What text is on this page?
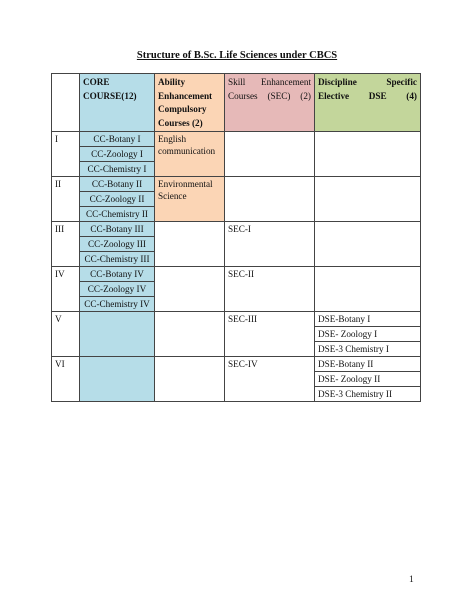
Structure of B.Sc. Life Sciences under CBCS
	CORE COURSE(12)	Ability Enhancement Compulsory Courses (2)	Skill Enhancement Courses (SEC) (2)	Discipline Specific Elective DSE (4)
I	CC-Botany I	English communication		
	CC-Zoology I			
	CC-Chemistry I			
II	CC-Botany II	Environmental Science		
	CC-Zoology II			
	CC-Chemistry II			
III	CC-Botany III		SEC-I	
	CC-Zoology III			
	CC-Chemistry III			
IV	CC-Botany IV		SEC-II	
	CC-Zoology IV			
	CC-Chemistry IV			
V			SEC-III	DSE-Botany I
				DSE- Zoology I
				DSE-3 Chemistry I
VI			SEC-IV	DSE-Botany II
				DSE- Zoology II
				DSE-3 Chemistry II
1
